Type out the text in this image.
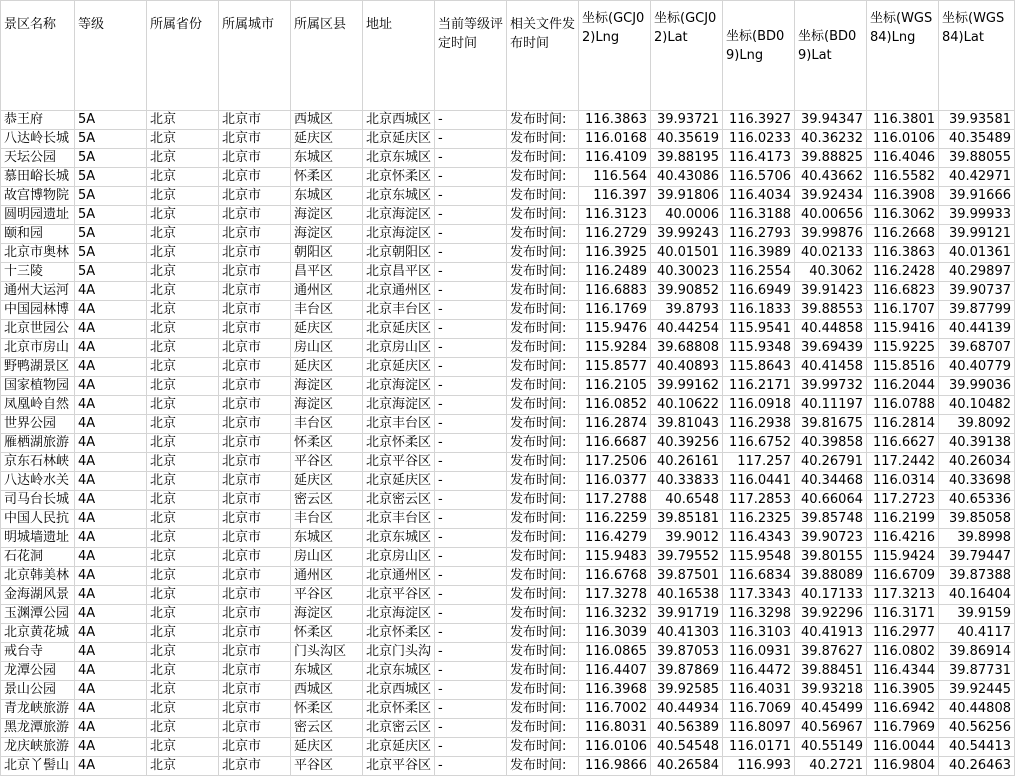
景区名称	等级	所属省份	所属城市	所属区县	地址	当前等级评定时间	相关文件发布时间	坐标(GCJ02)Lng	坐标(GCJ02)Lat	坐标(BD09)Lng	坐标(BD09)Lat	坐标(WGS84)Lng	坐标(WGS84)Lat
恭王府	5A	北京	北京市	西城区	北京西城区	-	发布时间:	116.3863	39.93721	116.3927	39.94347	116.3801	39.93581
八达岭长城	5A	北京	北京市	延庆区	北京延庆区	-	发布时间:	116.0168	40.35619	116.0233	40.36232	116.0106	40.35489
天坛公园	5A	北京	北京市	东城区	北京东城区	-	发布时间:	116.4109	39.88195	116.4173	39.88825	116.4046	39.88055
慕田峪长城	5A	北京	北京市	怀柔区	北京怀柔区	-	发布时间:	116.564	40.43086	116.5706	40.43662	116.5582	40.42971
故宫博物院	5A	北京	北京市	东城区	北京东城区	-	发布时间:	116.397	39.91806	116.4034	39.92434	116.3908	39.91666
圆明园遗址	5A	北京	北京市	海淀区	北京海淀区	-	发布时间:	116.3123	40.0006	116.3188	40.00656	116.3062	39.99933
颐和园	5A	北京	北京市	海淀区	北京海淀区	-	发布时间:	116.2729	39.99243	116.2793	39.99876	116.2668	39.99121
北京市奥林	5A	北京	北京市	朝阳区	北京朝阳区	-	发布时间:	116.3925	40.01501	116.3989	40.02133	116.3863	40.01361
十三陵	5A	北京	北京市	昌平区	北京昌平区	-	发布时间:	116.2489	40.30023	116.2554	40.3062	116.2428	40.29897
通州大运河	4A	北京	北京市	通州区	北京通州区	-	发布时间:	116.6883	39.90852	116.6949	39.91423	116.6823	39.90737
中国园林博	4A	北京	北京市	丰台区	北京丰台区	-	发布时间:	116.1769	39.8793	116.1833	39.88553	116.1707	39.87799
北京世园公	4A	北京	北京市	延庆区	北京延庆区	-	发布时间:	115.9476	40.44254	115.9541	40.44858	115.9416	40.44139
北京市房山	4A	北京	北京市	房山区	北京房山区	-	发布时间:	115.9284	39.68808	115.9348	39.69439	115.9225	39.68707
野鸭湖景区	4A	北京	北京市	延庆区	北京延庆区	-	发布时间:	115.8577	40.40893	115.8643	40.41458	115.8516	40.40779
国家植物园	4A	北京	北京市	海淀区	北京海淀区	-	发布时间:	116.2105	39.99162	116.2171	39.99732	116.2044	39.99036
凤凰岭自然	4A	北京	北京市	海淀区	北京海淀区	-	发布时间:	116.0852	40.10622	116.0918	40.11197	116.0788	40.10482
世界公园	4A	北京	北京市	丰台区	北京丰台区	-	发布时间:	116.2874	39.81043	116.2938	39.81675	116.2814	39.8092
雁栖湖旅游	4A	北京	北京市	怀柔区	北京怀柔区	-	发布时间:	116.6687	40.39256	116.6752	40.39858	116.6627	40.39138
京东石林峡	4A	北京	北京市	平谷区	北京平谷区	-	发布时间:	117.2506	40.26161	117.257	40.26791	117.2442	40.26034
八达岭水关	4A	北京	北京市	延庆区	北京延庆区	-	发布时间:	116.0377	40.33833	116.0441	40.34468	116.0314	40.33698
司马台长城	4A	北京	北京市	密云区	北京密云区	-	发布时间:	117.2788	40.6548	117.2853	40.66064	117.2723	40.65336
中国人民抗	4A	北京	北京市	丰台区	北京丰台区	-	发布时间:	116.2259	39.85181	116.2325	39.85748	116.2199	39.85058
明城墙遗址	4A	北京	北京市	东城区	北京东城区	-	发布时间:	116.4279	39.9012	116.4343	39.90723	116.4216	39.8998
石花洞	4A	北京	北京市	房山区	北京房山区	-	发布时间:	115.9483	39.79552	115.9548	39.80155	115.9424	39.79447
北京韩美林	4A	北京	北京市	通州区	北京通州区	-	发布时间:	116.6768	39.87501	116.6834	39.88089	116.6709	39.87388
金海湖风景	4A	北京	北京市	平谷区	北京平谷区	-	发布时间:	117.3278	40.16538	117.3343	40.17133	117.3213	40.16404
玉渊潭公园	4A	北京	北京市	海淀区	北京海淀区	-	发布时间:	116.3232	39.91719	116.3298	39.92296	116.3171	39.9159
北京黄花城	4A	北京	北京市	怀柔区	北京怀柔区	-	发布时间:	116.3039	40.41303	116.3103	40.41913	116.2977	40.4117
戒台寺	4A	北京	北京市	门头沟区	北京门头沟	-	发布时间:	116.0865	39.87053	116.0931	39.87627	116.0802	39.86914
龙潭公园	4A	北京	北京市	东城区	北京东城区	-	发布时间:	116.4407	39.87869	116.4472	39.88451	116.4344	39.87731
景山公园	4A	北京	北京市	西城区	北京西城区	-	发布时间:	116.3968	39.92585	116.4031	39.93218	116.3905	39.92445
青龙峡旅游	4A	北京	北京市	怀柔区	北京怀柔区	-	发布时间:	116.7002	40.44934	116.7069	40.45499	116.6942	40.44808
黑龙潭旅游	4A	北京	北京市	密云区	北京密云区	-	发布时间:	116.8031	40.56389	116.8097	40.56967	116.7969	40.56256
龙庆峡旅游	4A	北京	北京市	延庆区	北京延庆区	-	发布时间:	116.0106	40.54548	116.0171	40.55149	116.0044	40.54413
北京丫髻山	4A	北京	北京市	平谷区	北京平谷区	-	发布时间:	116.9866	40.26584	116.993	40.2721	116.9804	40.26463
